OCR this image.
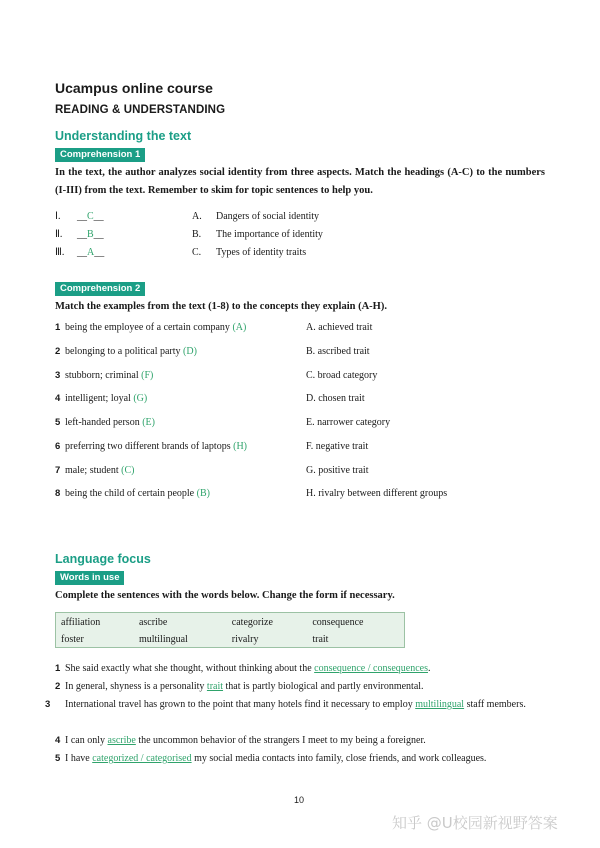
Ucampus online course
READING & UNDERSTANDING
Understanding the text
Comprehension 1
In the text, the author analyzes social identity from three aspects. Match the headings (A-C) to the numbers (I-III) from the text. Remember to skim for topic sentences to help you.
Ⅰ. __C__	A. Dangers of social identity
Ⅱ. __B__	B. The importance of identity
Ⅲ. __A__	C. Types of identity traits
Comprehension 2
Match the examples from the text (1-8) to the concepts they explain (A-H).
1 being the employee of a certain company (A)	A. achieved trait
2 belonging to a political party (D)	B. ascribed trait
3 stubborn; criminal (F)	C. broad category
4 intelligent; loyal (G)	D. chosen trait
5 left-handed person (E)	E. narrower category
6 preferring two different brands of laptops (H)	F. negative trait
7 male; student (C)	G. positive trait
8 being the child of certain people (B)	H. rivalry between different groups
Language focus
Words in use
Complete the sentences with the words below. Change the form if necessary.
affiliation	ascribe	categorize	consequence
foster	multilingual	rivalry	trait
1 She said exactly what she thought, without thinking about the consequence / consequences.
2 In general, shyness is a personality trait that is partly biological and partly environmental.
3 International travel has grown to the point that many hotels find it necessary to employ multilingual staff members.
4 I can only ascribe the uncommon behavior of the strangers I meet to my being a foreigner.
5 I have categorized / categorised my social media contacts into family, close friends, and work colleagues.
10
知乎 @U校园新视野答案
